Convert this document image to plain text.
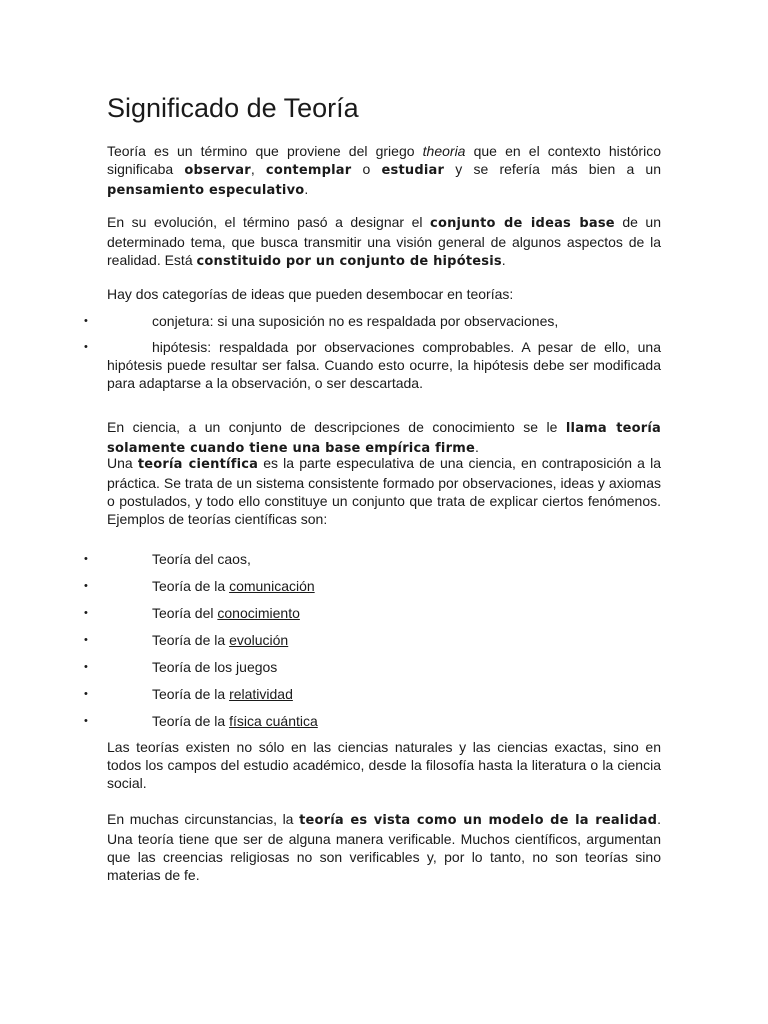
Significado de Teoría
Teoría es un término que proviene del griego theoria que en el contexto histórico significaba observar, contemplar o estudiar y se refería más bien a un pensamiento especulativo.
En su evolución, el término pasó a designar el conjunto de ideas base de un determinado tema, que busca transmitir una visión general de algunos aspectos de la realidad. Está constituido por un conjunto de hipótesis.
Hay dos categorías de ideas que pueden desembocar en teorías:
•	conjetura: si una suposición no es respaldada por observaciones,
•	hipótesis: respaldada por observaciones comprobables. A pesar de ello, una hipótesis puede resultar ser falsa. Cuando esto ocurre, la hipótesis debe ser modificada para adaptarse a la observación, o ser descartada.
En ciencia, a un conjunto de descripciones de conocimiento se le llama teoría solamente cuando tiene una base empírica firme.
Una teoría científica es la parte especulativa de una ciencia, en contraposición a la práctica. Se trata de un sistema consistente formado por observaciones, ideas y axiomas o postulados, y todo ello constituye un conjunto que trata de explicar ciertos fenómenos. Ejemplos de teorías científicas son:
•	Teoría del caos,
•	Teoría de la comunicación
•	Teoría del conocimiento
•	Teoría de la evolución
•	Teoría de los juegos
•	Teoría de la relatividad
•	Teoría de la física cuántica
Las teorías existen no sólo en las ciencias naturales y las ciencias exactas, sino en todos los campos del estudio académico, desde la filosofía hasta la literatura o la ciencia social.
En muchas circunstancias, la teoría es vista como un modelo de la realidad. Una teoría tiene que ser de alguna manera verificable. Muchos científicos, argumentan que las creencias religiosas no son verificables y, por lo tanto, no son teorías sino materias de fe.
